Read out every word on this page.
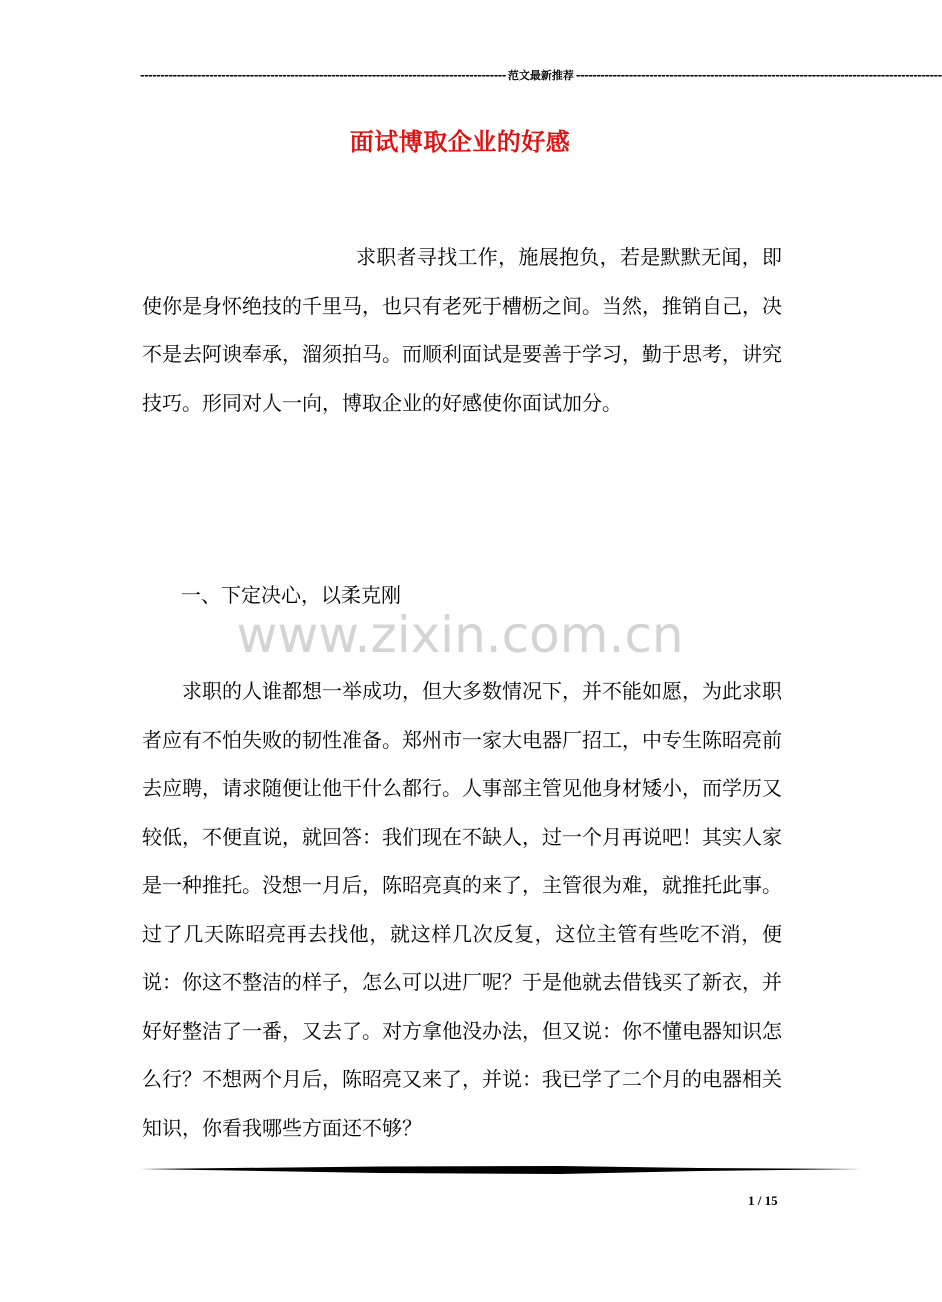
------------------------------------------------------------------------------------------ 范文最新推荐 ------------------------------------------------------------------------------------------
面试博取企业的好感
求职者寻找工作，施展抱负，若是默默无闻，即使你是身怀绝技的千里马，也只有老死于槽枥之间。当然，推销自己，决不是去阿谀奉承，溜须拍马。而顺利面试是要善于学习，勤于思考，讲究技巧。形同对人一向，博取企业的好感使你面试加分。
一、下定决心，以柔克刚
www.zixin.com.cn
求职的人谁都想一举成功，但大多数情况下，并不能如愿，为此求职者应有不怕失败的韧性准备。郑州市一家大电器厂招工，中专生陈昭亮前去应聘，请求随便让他干什么都行。人事部主管见他身材矮小，而学历又较低，不便直说，就回答：我们现在不缺人，过一个月再说吧！其实人家是一种推托。没想一月后，陈昭亮真的来了，主管很为难，就推托此事。过了几天陈昭亮再去找他，就这样几次反复，这位主管有些吃不消，便说：你这不整洁的样子，怎么可以进厂呢？于是他就去借钱买了新衣，并好好整洁了一番，又去了。对方拿他没办法，但又说：你不懂电器知识怎么行？不想两个月后，陈昭亮又来了，并说：我已学了二个月的电器相关知识，你看我哪些方面还不够？
1 / 15
